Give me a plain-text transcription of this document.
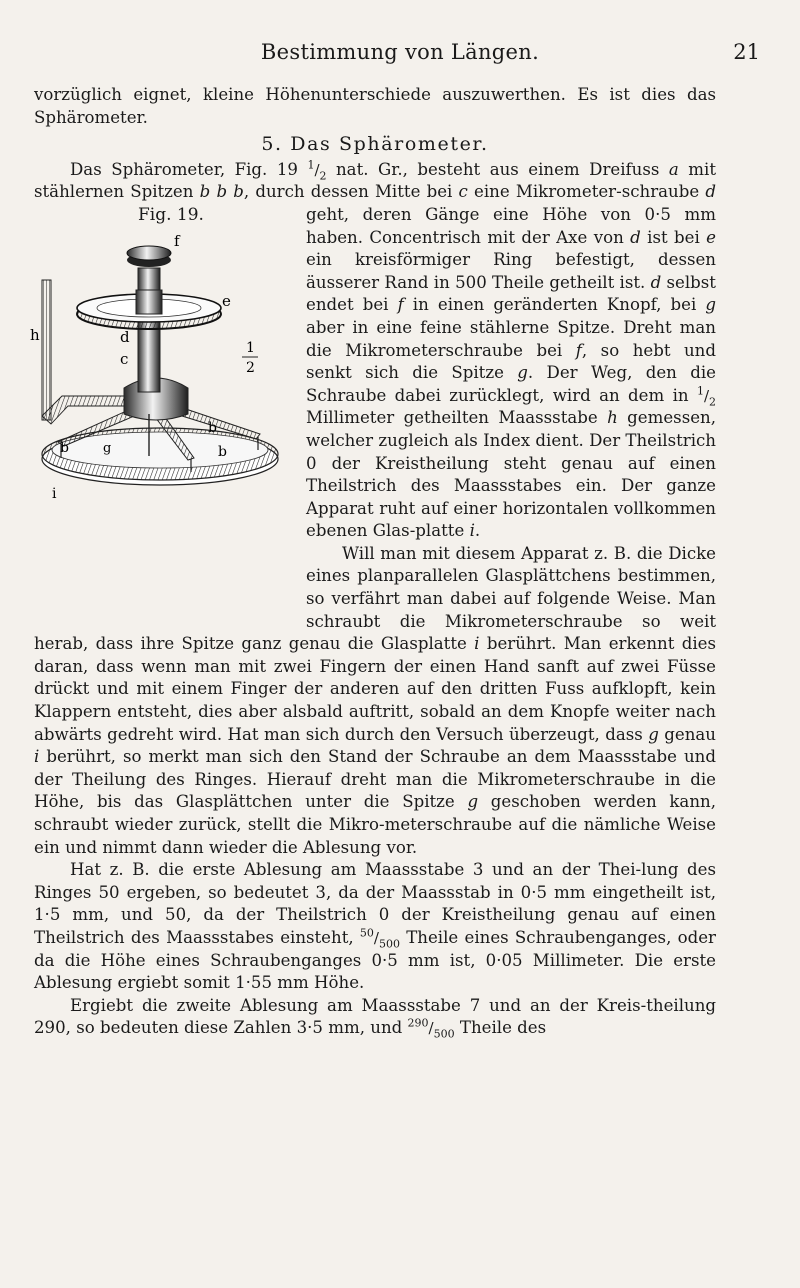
Bestimmung von Längen.	21

vorzüglich eignet, kleine Höhenunterschiede auszuwerthen. Es ist dies das Sphärometer.

5. Das Sphärometer.

Das Sphärometer, Fig. 19 $^1/_2$ nat. Gr., besteht aus einem Dreifuss a mit stählernen Spitzen b b b, durch dessen Mitte bei c eine Mikrometer-schraube
Fig. 19.
f
e
h	d
c
g
b
b
b
i
1
2
d geht, deren Gänge eine Höhe von 0·5 mm haben. Concentrisch mit der Axe von d ist bei e ein kreisförmiger Ring befestigt, dessen äusserer Rand in 500 Theile getheilt ist. d selbst endet bei f in einen geränderten Knopf, bei g aber in eine feine stählerne Spitze. Dreht man die Mikrometerschraube bei f, so hebt und senkt sich die Spitze g. Der Weg, den die Schraube dabei zurücklegt, wird an dem in $^1/_2$ Millimeter getheilten Maassstabe h gemessen, welcher zugleich als Index dient. Der Theilstrich 0 der Kreistheilung steht genau auf einen Theilstrich des Maassstabes ein. Der ganze Apparat ruht auf einer horizontalen vollkommen ebenen Glas-platte i.

Will man mit diesem Apparat z. B. die Dicke eines planparallelen Glasplättchens bestimmen, so verfährt man dabei auf folgende Weise. Man schraubt die Mikrometerschraube so weit herab, dass ihre Spitze ganz genau die Glasplatte i berührt. Man erkennt dies daran, dass wenn man mit zwei Fingern der einen Hand sanft auf zwei Füsse drückt und mit einem Finger der anderen auf den dritten Fuss aufklopft, kein Klappern entsteht, dies aber alsbald auftritt, sobald an dem Knopfe weiter nach abwärts gedreht wird. Hat man sich durch den Versuch überzeugt, dass g genau i berührt, so merkt man sich den Stand der Schraube an dem Maassstabe und der Theilung des Ringes. Hierauf dreht man die Mikrometerschraube in die Höhe, bis das Glasplättchen unter die Spitze g geschoben werden kann, schraubt wieder zurück, stellt die Mikro-meterschraube auf die nämliche Weise ein und nimmt dann wieder die Ablesung vor.

Hat z. B. die erste Ablesung am Maassstabe 3 und an der Thei-lung des Ringes 50 ergeben, so bedeutet 3, da der Maassstab in 0·5 mm eingetheilt ist, 1·5 mm, und 50, da der Theilstrich 0 der Kreistheilung genau auf einen Theilstrich des Maassstabes einsteht, $^{50}/_{500}$ Theile eines Schraubenganges, oder da die Höhe eines Schraubenganges 0·5 mm ist, 0·05 Millimeter. Die erste Ablesung ergiebt somit 1·55 mm Höhe.

Ergiebt die zweite Ablesung am Maassstabe 7 und an der Kreis-theilung 290, so bedeuten diese Zahlen 3·5 mm, und $^{290}/_{500}$ Theile des
